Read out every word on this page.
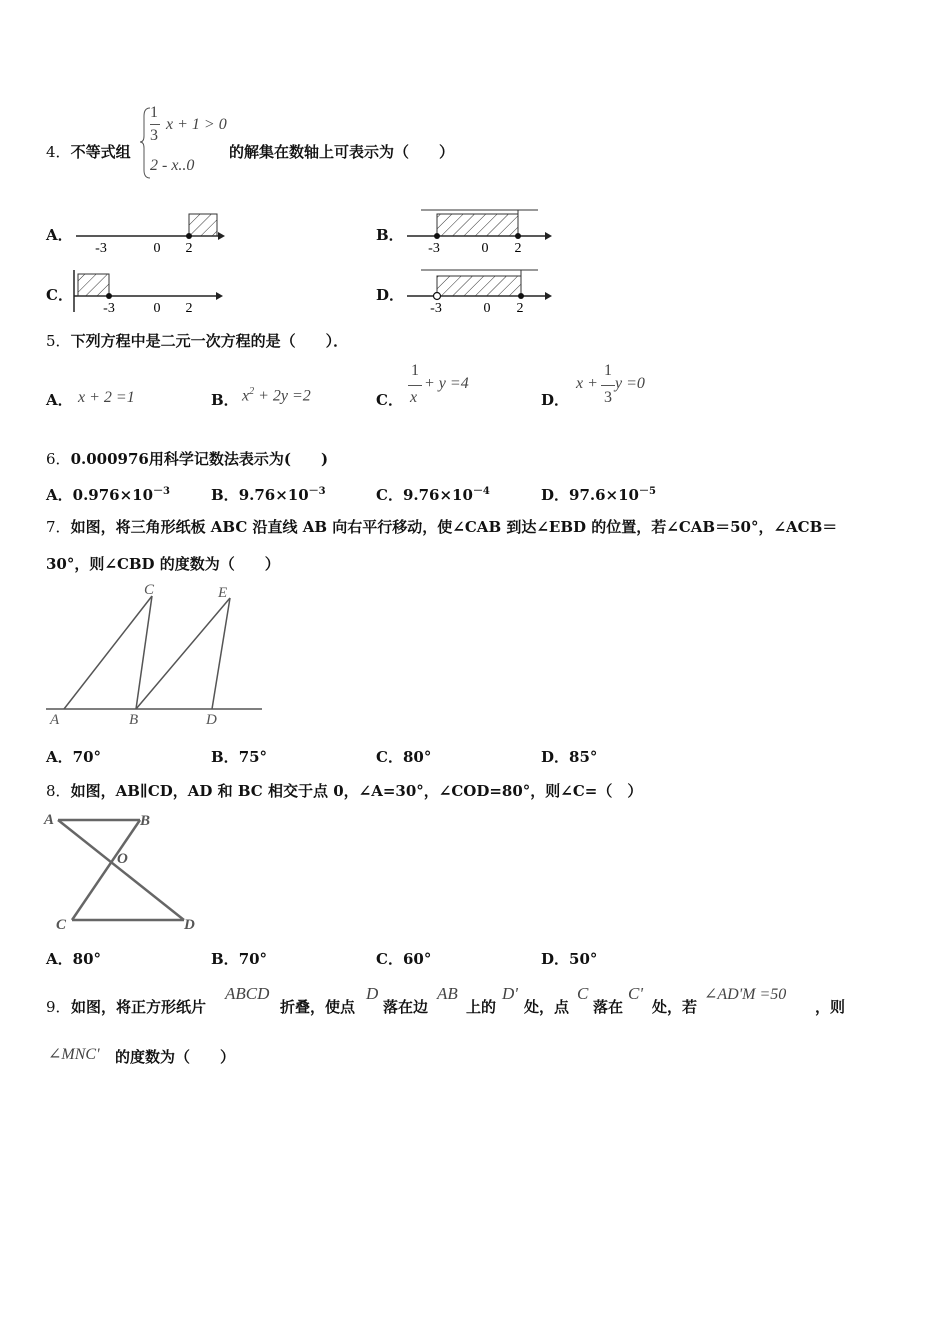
4．不等式组
1
3
x + 1 > 0
2 - x..0
的解集在数轴上可表示为（　　）
A．
-3	0 2
B．
-3	0 2
C．
-3	0 2
D．
-3	0 2
5．下列方程中是二元一次方程的是（　　）．
A． x + 2 =1	B． $x^2 + 2y =2$	C．
1
x
+ y =4
D．
x +
1
3
y =0
6．0.000976用科学记数法表示为(　　)
A．$0.976\times 10^{-3}$	B．$9.76\times 10^{-3}$	C．$9.76\times 10^{-4}$	D．$97.6\times 10^{-5}$
7．如图，将三角形纸板 ABC 沿直线 AB 向右平行移动，使∠CAB 到达∠EBD 的位置，若∠CAB＝50°，∠ACB＝
30°，则∠CBD 的度数为（　　）
A	B
C
D
E
A．70°	B．75°	C．80°	D．85°
8．如图，AB∥CD，AD 和 BC 相交于点 0，∠A=30°，∠COD=80°，则∠C=（　）
A	B
O
C	D
A．80°	B．70°	C．60°	D．50°
9． 如图，将正方形纸片
ABCD
折叠，使点
D
落在边
AB
上的
D'
处，点
C
落在
C'
处，若
∠AD'M =50
，则
∠MNC' 的度数为（　　）
